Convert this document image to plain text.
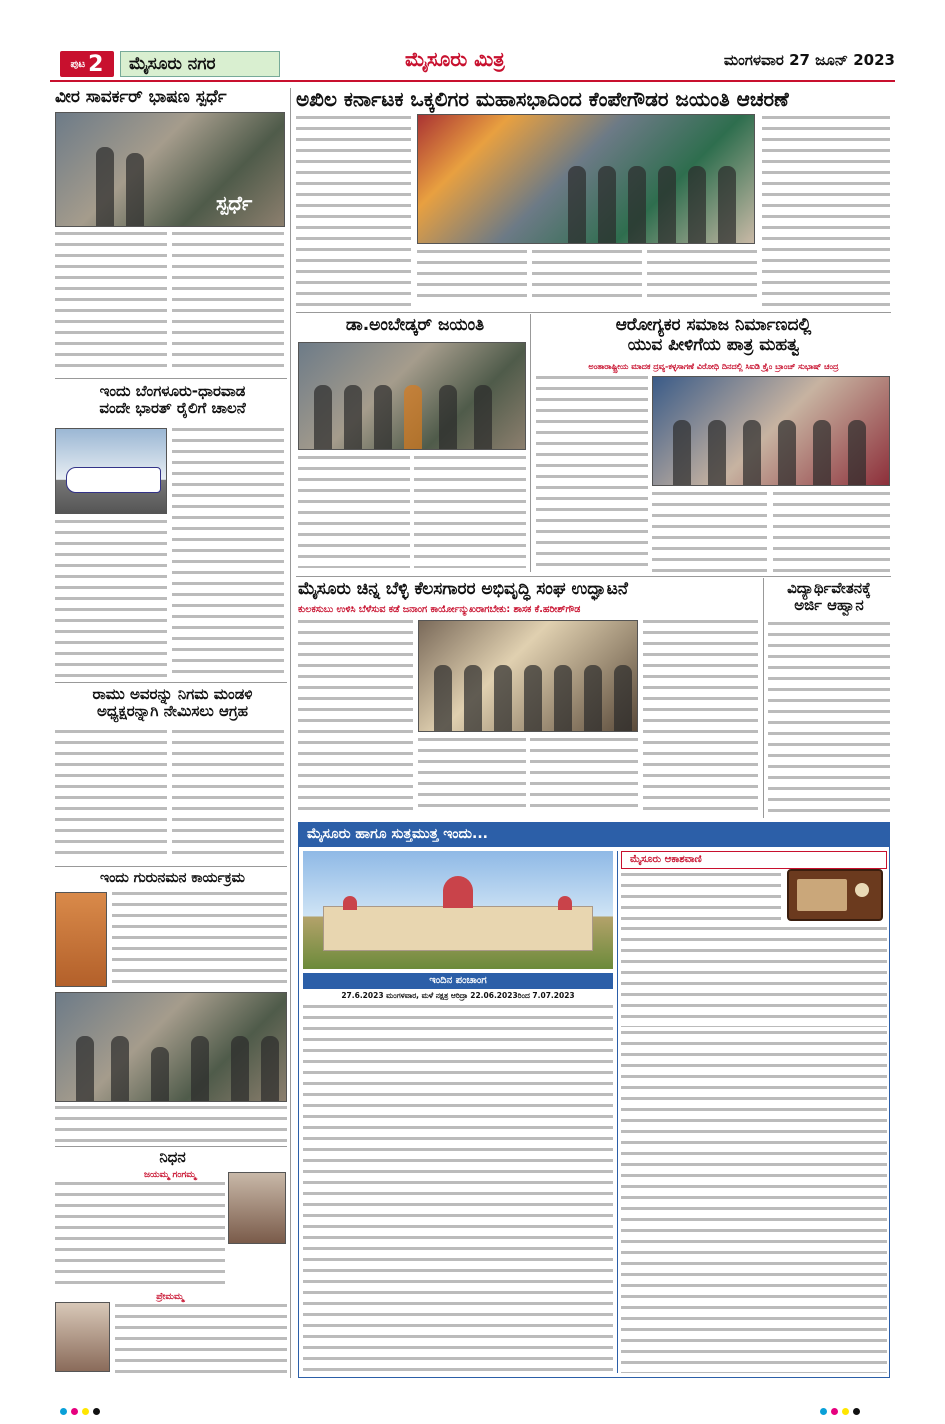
ಪುಟ 2	ಮೈಸೂರು ನಗರ	ಮೈಸೂರು ಮಿತ್ರ	ಮಂಗಳವಾರ 27 ಜೂನ್ 2023
ವೀರ ಸಾವರ್ಕರ್ ಭಾಷಣ ಸ್ಪರ್ಧೆ
ಸ್ಪರ್ಧೆ
ಇಂದು ಬೆಂಗಳೂರು-ಧಾರವಾಡ
ವಂದೇ ಭಾರತ್ ರೈಲಿಗೆ ಚಾಲನೆ
ರಾಮು ಅವರನ್ನು ನಿಗಮ ಮಂಡಳಿ
ಅಧ್ಯಕ್ಷರನ್ನಾಗಿ ನೇಮಿಸಲು ಆಗ್ರಹ
ಇಂದು ಗುರುನಮನ ಕಾರ್ಯಕ್ರಮ
ನಿಧನ
ಜಯಮ್ಮ ಗಂಗಮ್ಮ
ಪ್ರೇಮಮ್ಮ
ಅಖಿಲ ಕರ್ನಾಟಕ ಒಕ್ಕಲಿಗರ ಮಹಾಸಭಾದಿಂದ ಕೆಂಪೇಗೌಡರ ಜಯಂತಿ ಆಚರಣೆ
ಡಾ.ಅಂಬೇಡ್ಕರ್ ಜಯಂತಿ	ಆರೋಗ್ಯಕರ ಸಮಾಜ ನಿರ್ಮಾಣದಲ್ಲಿ
ಯುವ ಪೀಳಿಗೆಯ ಪಾತ್ರ ಮಹತ್ವ
ಅಂತಾರಾಷ್ಟ್ರೀಯ ಮಾದಕ ದ್ರವ್ಯ-ಕಳ್ಳಸಾಗಣೆ ವಿರೋಧಿ ದಿನದಲ್ಲಿ ಸಿಐಡಿ ಕ್ರೈಂ ಬ್ರಾಂಚ್ ಸುಭಾಷ್ ಚಂದ್ರ
ಮೈಸೂರು ಚಿನ್ನ ಬೆಳ್ಳಿ ಕೆಲಸಗಾರರ ಅಭಿವೃದ್ಧಿ ಸಂಘ ಉದ್ಘಾಟನೆ
ಕುಲಕಸುಬು ಉಳಿಸಿ ಬೆಳೆಸುವ ಕಡೆ ಜನಾಂಗ ಕಾರ್ಯೋನ್ಮುಖರಾಗಬೇಕು: ಶಾಸಕ ಕೆ.ಹರೀಶ್‌ಗೌಡ
ವಿದ್ಯಾರ್ಥಿವೇತನಕ್ಕೆ
ಅರ್ಜಿ ಆಹ್ವಾನ
ಮೈಸೂರು ಹಾಗೂ ಸುತ್ತಮುತ್ತ ಇಂದು...
ಇಂದಿನ ಪಂಚಾಂಗ
27.6.2023 ಮಂಗಳವಾರ, ಮಳೆ ನಕ್ಷತ್ರ ಆರಿದ್ರಾ 22.06.2023ರಿಂದ 7.07.2023
ಮೈಸೂರು ಆಕಾಶವಾಣಿ
